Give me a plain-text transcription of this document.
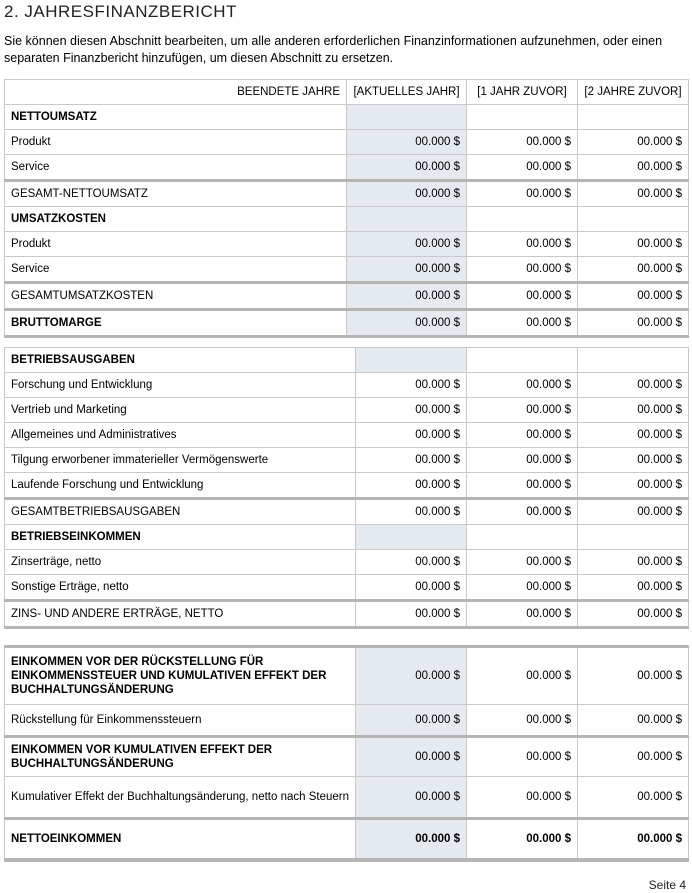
2. JAHRESFINANZBERICHT
Sie können diesen Abschnitt bearbeiten, um alle anderen erforderlichen Finanzinformationen aufzunehmen, oder einen separaten Finanzbericht hinzufügen, um diesen Abschnitt zu ersetzen.
BEENDETE JAHRE	[AKTUELLES JAHR]	[1 JAHR ZUVOR]	[2 JAHRE ZUVOR]
NETTOUMSATZ			
Produkt	00.000 $	00.000 $	00.000 $
Service	00.000 $	00.000 $	00.000 $
GESAMT-NETTOUMSATZ	00.000 $	00.000 $	00.000 $
UMSATZKOSTEN			
Produkt	00.000 $	00.000 $	00.000 $
Service	00.000 $	00.000 $	00.000 $
GESAMTUMSATZKOSTEN	00.000 $	00.000 $	00.000 $
BRUTTOMARGE	00.000 $	00.000 $	00.000 $
BETRIEBSAUSGABEN			
Forschung und Entwicklung	00.000 $	00.000 $	00.000 $
Vertrieb und Marketing	00.000 $	00.000 $	00.000 $
Allgemeines und Administratives	00.000 $	00.000 $	00.000 $
Tilgung erworbener immaterieller Vermögenswerte	00.000 $	00.000 $	00.000 $
Laufende Forschung und Entwicklung	00.000 $	00.000 $	00.000 $
GESAMTBETRIEBSAUSGABEN	00.000 $	00.000 $	00.000 $
BETRIEBSEINKOMMEN			
Zinserträge, netto	00.000 $	00.000 $	00.000 $
Sonstige Erträge, netto	00.000 $	00.000 $	00.000 $
ZINS- UND ANDERE ERTRÄGE, NETTO	00.000 $	00.000 $	00.000 $
EINKOMMEN VOR DER RÜCKSTELLUNG FÜR EINKOMMENSSTEUER UND KUMULATIVEN EFFEKT DER BUCHHALTUNGSÄNDERUNG	00.000 $	00.000 $	00.000 $
Rückstellung für Einkommenssteuern	00.000 $	00.000 $	00.000 $
EINKOMMEN VOR KUMULATIVEN EFFEKT DER BUCHHALTUNGSÄNDERUNG	00.000 $	00.000 $	00.000 $
Kumulativer Effekt der Buchhaltungsänderung, netto nach Steuern	00.000 $	00.000 $	00.000 $
NETTOEINKOMMEN	00.000 $	00.000 $	00.000 $
Seite 4
